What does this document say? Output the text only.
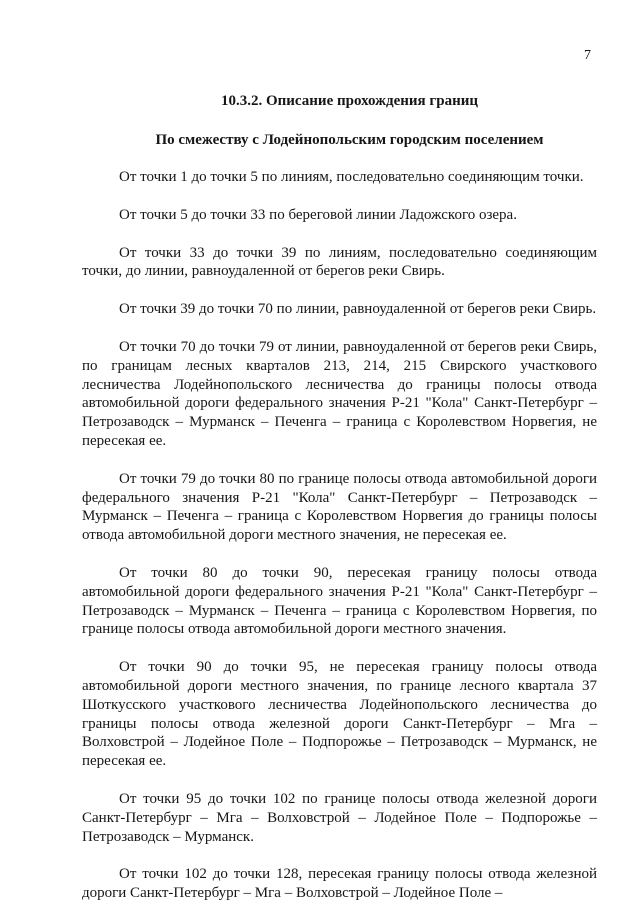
7

10.3.2. Описание прохождения границ

По смежеству с Лодейнопольским городским поселением

От точки 1 до точки 5 по линиям, последовательно соединяющим точки.

От точки 5 до точки 33 по береговой линии Ладожского озера.

От точки 33 до точки 39 по линиям, последовательно соединяющим точки, до линии, равноудаленной от берегов реки Свирь.

От точки 39 до точки 70 по линии, равноудаленной от берегов реки Свирь.

От точки 70 до точки 79 от линии, равноудаленной от берегов реки Свирь, по границам лесных кварталов 213, 214, 215 Свирского участкового лесничества Лодейнопольского лесничества до границы полосы отвода автомобильной дороги федерального значения Р-21 "Кола" Санкт-Петербург – Петрозаводск – Мурманск – Печенга – граница с Королевством Норвегия, не пересекая ее.

От точки 79 до точки 80 по границе полосы отвода автомобильной дороги федерального значения Р-21 "Кола" Санкт-Петербург – Петрозаводск – Мурманск – Печенга – граница с Королевством Норвегия до границы полосы отвода автомобильной дороги местного значения, не пересекая ее.

От точки 80 до точки 90, пересекая границу полосы отвода автомобильной дороги федерального значения Р-21 "Кола" Санкт-Петербург – Петрозаводск – Мурманск – Печенга – граница с Королевством Норвегия, по границе полосы отвода автомобильной дороги местного значения.

От точки 90 до точки 95, не пересекая границу полосы отвода автомобильной дороги местного значения, по границе лесного квартала 37 Шоткусского участкового лесничества Лодейнопольского лесничества до границы полосы отвода железной дороги Санкт-Петербург – Мга – Волховстрой – Лодейное Поле – Подпорожье – Петрозаводск – Мурманск, не пересекая ее.

От точки 95 до точки 102 по границе полосы отвода железной дороги Санкт-Петербург – Мга – Волховстрой – Лодейное Поле – Подпорожье – Петрозаводск – Мурманск.

От точки 102 до точки 128, пересекая границу полосы отвода железной дороги Санкт-Петербург – Мга – Волховстрой – Лодейное Поле –
